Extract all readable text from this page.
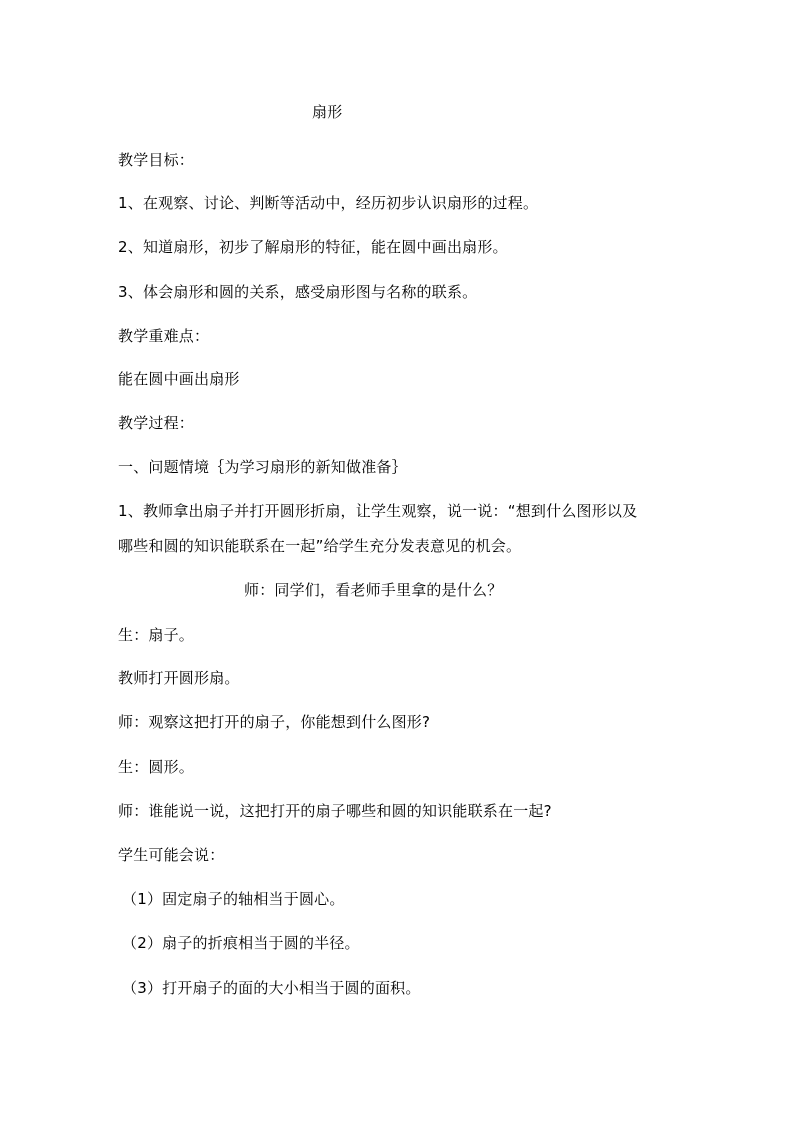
扇形
教学目标：
1、在观察、讨论、判断等活动中，经历初步认识扇形的过程。
2、知道扇形，初步了解扇形的特征，能在圆中画出扇形。
3、体会扇形和圆的关系，感受扇形图与名称的联系。
教学重难点：
能在圆中画出扇形
教学过程：
一、问题情境｛为学习扇形的新知做准备｝
1、教师拿出扇子并打开圆形折扇，让学生观察，说一说：“想到什么图形以及
哪些和圆的知识能联系在一起”给学生充分发表意见的机会。
师：同学们，看老师手里拿的是什么？
生：扇子。
教师打开圆形扇。
师：观察这把打开的扇子，你能想到什么图形?
生：圆形。
师：谁能说一说，这把打开的扇子哪些和圆的知识能联系在一起?
学生可能会说：
（1）固定扇子的轴相当于圆心。
（2）扇子的折痕相当于圆的半径。
（3）打开扇子的面的大小相当于圆的面积。
